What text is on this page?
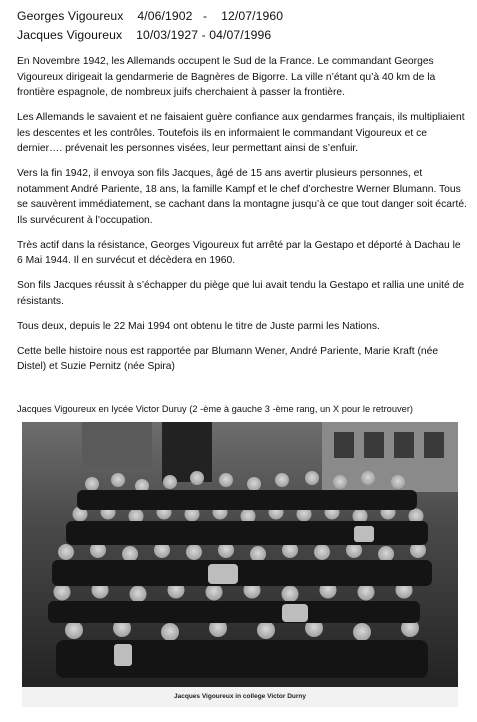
Georges Vigoureux    4/06/1902   -    12/07/1960
Jacques Vigoureux    10/03/1927 - 04/07/1996

En Novembre 1942, les Allemands occupent le Sud de la France. Le commandant Georges Vigoureux dirigeait la gendarmerie de Bagnères de Bigorre. La ville n’étant qu’à 40 km de la frontière espagnole, de nombreux juifs cherchaient à passer la frontière.

Les Allemands le savaient et ne faisaient guère confiance aux gendarmes français, ils multipliaient les descentes et les contrôles. Toutefois ils en informaient le commandant Vigoureux et ce dernier…. prévenait les personnes visées, leur permettant ainsi de s’enfuir.

Vers la fin 1942, il envoya son fils Jacques, âgé de 15 ans avertir plusieurs personnes, et notamment André Pariente, 18 ans, la famille Kampf et le chef d’orchestre Werner Blumann. Tous se sauvèrent immédiatement, se cachant dans la montagne jusqu’à ce que tout danger soit écarté. Ils survécurent à l’occupation.

Très actif dans la résistance, Georges Vigoureux fut arrêté par la Gestapo et déporté à Dachau le 6 Mai 1944. Il en survécut et décèdera en 1960.

Son fils Jacques réussit à s’échapper du piège que lui avait tendu la Gestapo et rallia une unité de résistants.

Tous deux, depuis le 22 Mai 1994 ont obtenu le titre de Juste parmi les Nations.

Cette belle histoire nous est rapportée par Blumann Wener, André Pariente, Marie Kraft (née Distel) et Suzie Pernitz (née Spira)

Jacques Vigoureux en lycée Victor Duruy (2 -ème à gauche 3 -ème rang, un X pour le retrouver)
Jacques Vigoureux in college Victor Durny
